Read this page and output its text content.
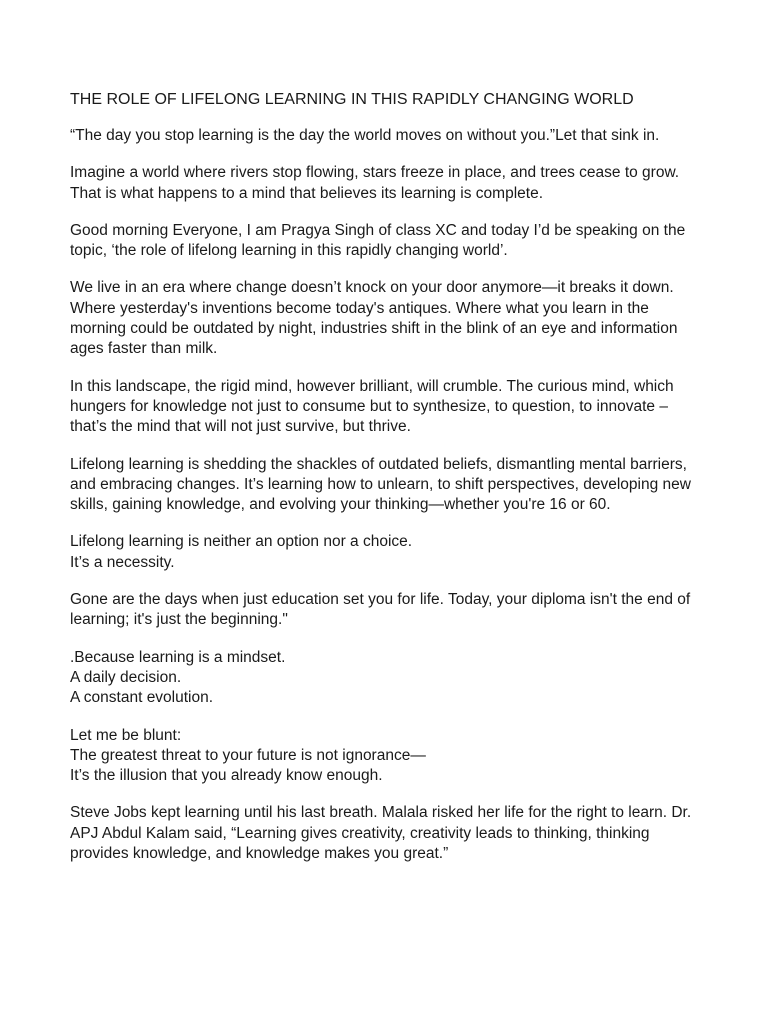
THE ROLE OF LIFELONG LEARNING IN THIS RAPIDLY CHANGING WORLD

“The day you stop learning is the day the world moves on without you.”Let that sink in.

Imagine a world where rivers stop flowing, stars freeze in place, and trees cease to grow. That is what happens to a mind that believes its learning is complete.

Good morning Everyone, I am Pragya Singh of class XC and today I’d be speaking on the topic, ‘the role of lifelong learning in this rapidly changing world’.

We live in an era where change doesn’t knock on your door anymore—it breaks it down. Where yesterday's inventions become today's antiques. Where what you learn in the morning could be outdated by night, industries shift in the blink of an eye and information ages faster than milk.

In this landscape, the rigid mind, however brilliant, will crumble. The curious mind, which hungers for knowledge not just to consume but to synthesize, to question, to innovate – that’s the mind that will not just survive, but thrive.

Lifelong learning is shedding the shackles of outdated beliefs, dismantling mental barriers, and embracing changes. It’s learning how to unlearn, to shift perspectives, developing new skills, gaining knowledge, and evolving your thinking—whether you're 16 or 60.

Lifelong learning is neither an option nor a choice.
It’s a necessity.

Gone are the days when just education set you for life. Today, your diploma isn't the end of learning; it's just the beginning."

.Because learning is a mindset.
A daily decision.
A constant evolution.

Let me be blunt:
The greatest threat to your future is not ignorance—
It’s the illusion that you already know enough.

Steve Jobs kept learning until his last breath. Malala risked her life for the right to learn. Dr. APJ Abdul Kalam said, “Learning gives creativity, creativity leads to thinking, thinking provides knowledge, and knowledge makes you great.”
